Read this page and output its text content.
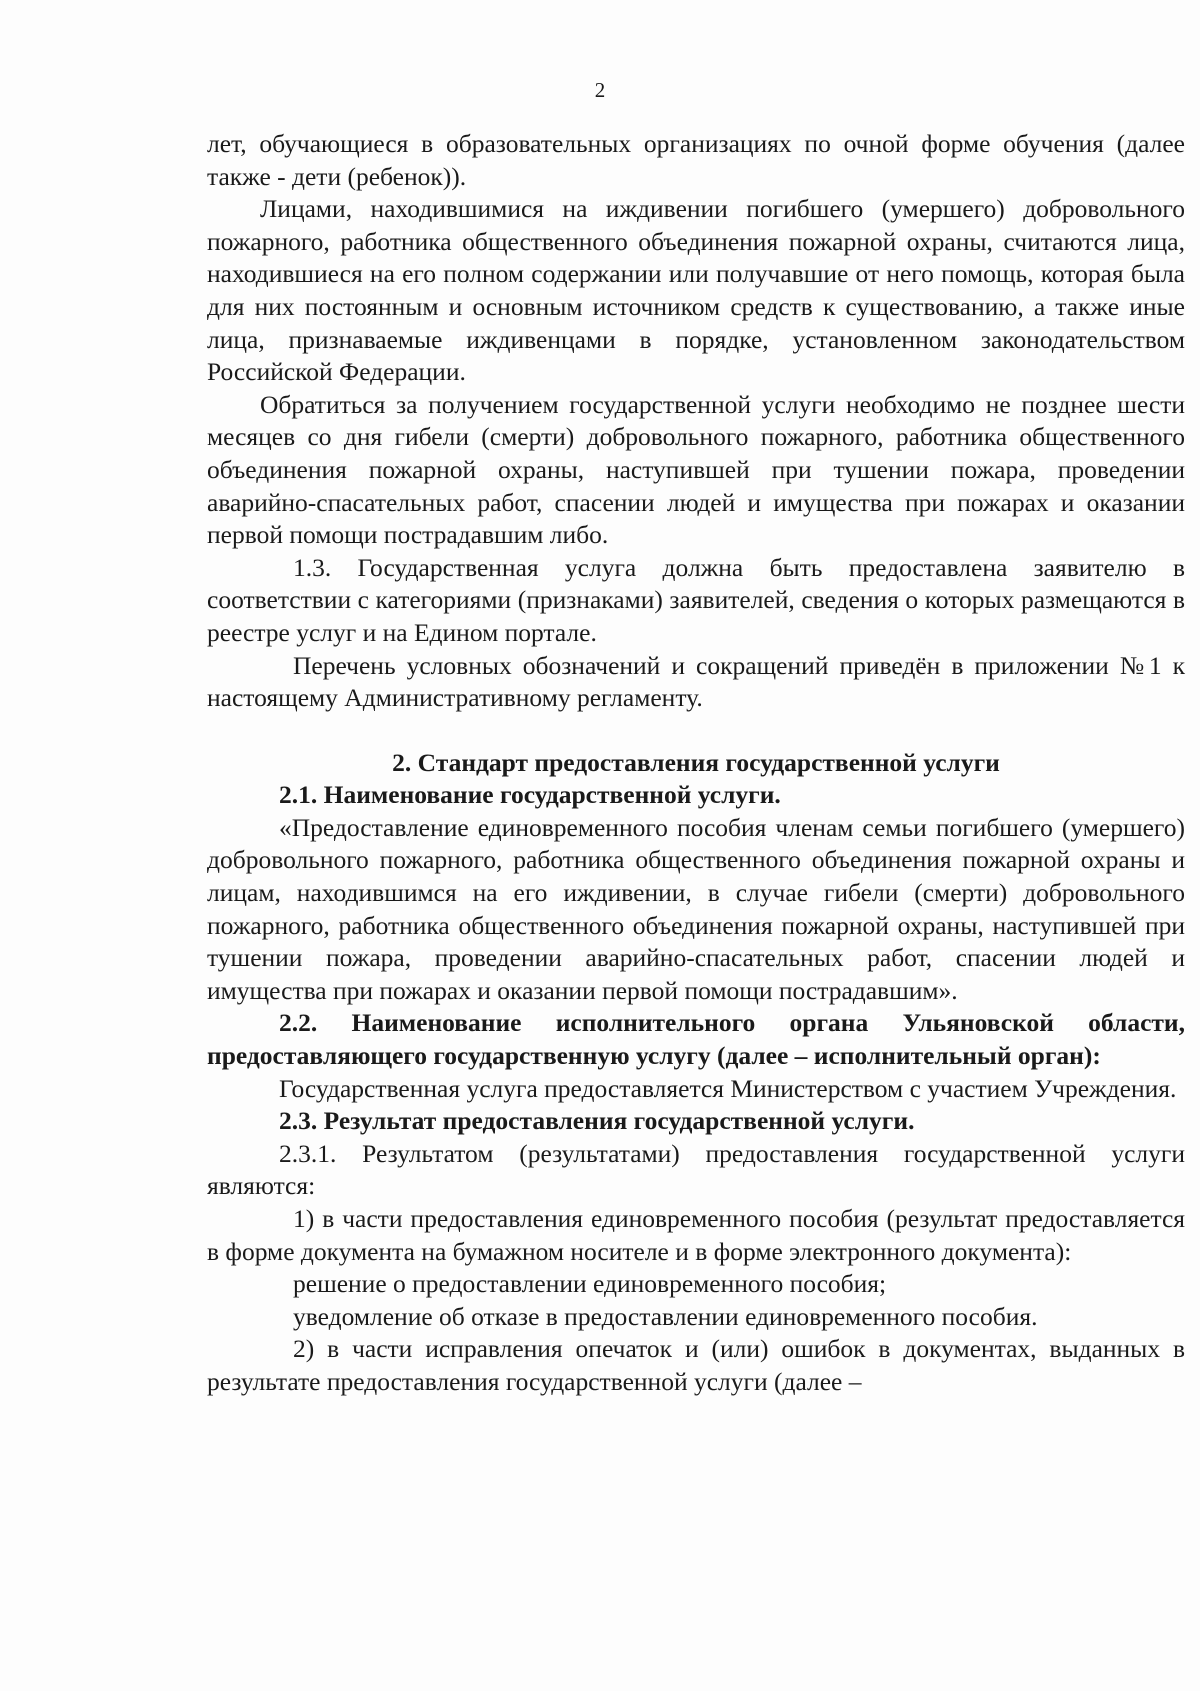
2

лет, обучающиеся в образовательных организациях по очной форме обучения (далее также - дети (ребенок)).

Лицами, находившимися на иждивении погибшего (умершего) добровольного пожарного, работника общественного объединения пожарной охраны, считаются лица, находившиеся на его полном содержании или получавшие от него помощь, которая была для них постоянным и основным источником средств к существованию, а также иные лица, признаваемые иждивенцами в порядке, установленном законодательством Российской Федерации.

Обратиться за получением государственной услуги необходимо не позднее шести месяцев со дня гибели (смерти) добровольного пожарного, работника общественного объединения пожарной охраны, наступившей при тушении пожара, проведении аварийно-спасательных работ, спасении людей и имущества при пожарах и оказании первой помощи пострадавшим либо.

1.3. Государственная услуга должна быть предоставлена заявителю в соответствии с категориями (признаками) заявителей, сведения о которых размещаются в реестре услуг и на Едином портале.

Перечень условных обозначений и сокращений приведён в приложении №1 к настоящему Административному регламенту.

2. Стандарт предоставления государственной услуги

2.1. Наименование государственной услуги.

«Предоставление единовременного пособия членам семьи погибшего (умершего) добровольного пожарного, работника общественного объединения пожарной охраны и лицам, находившимся на его иждивении, в случае гибели (смерти) добровольного пожарного, работника общественного объединения пожарной охраны, наступившей при тушении пожара, проведении аварийно-спасательных работ, спасении людей и имущества при пожарах и оказании первой помощи пострадавшим».

2.2. Наименование исполнительного органа Ульяновской области, предоставляющего государственную услугу (далее – исполнительный орган):

Государственная услуга предоставляется Министерством с участием Учреждения.

2.3. Результат предоставления государственной услуги.

2.3.1. Результатом (результатами) предоставления государственной услуги являются:

1) в части предоставления единовременного пособия (результат предоставляется в форме документа на бумажном носителе и в форме электронного документа):

решение о предоставлении единовременного пособия;

уведомление об отказе в предоставлении единовременного пособия.

2) в части исправления опечаток и (или) ошибок в документах, выданных в результате предоставления государственной услуги (далее –
